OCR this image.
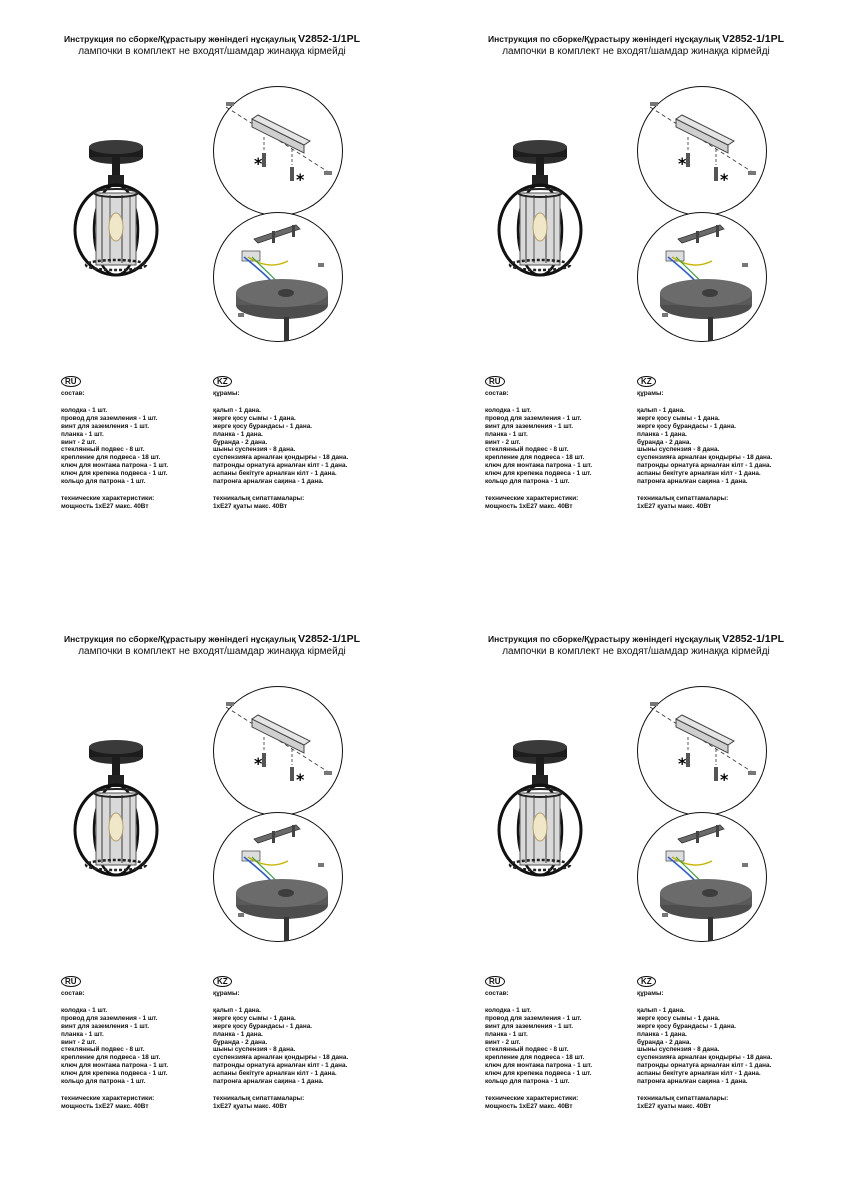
Инструкция по сборке/Құрастыру жөніндегі нұсқаулық V2852-1/1PL
лампочки в комплект не входят/шамдар жинаққа кірмейді
*
*
RU
состав:
колодка - 1 шт.
провод для заземления - 1 шт.
винт для заземления - 1 шт.
планка - 1 шт.
винт - 2 шт.
стеклянный подвес - 8 шт.
крепление для подвеса - 18 шт.
ключ для монтажа патрона - 1 шт.
ключ для крепежа подвеса - 1 шт.
кольцо для патрона - 1 шт.
технические характеристики:
мощность 1хЕ27 макс. 40Вт
KZ
құрамы:
қалып - 1 дана.
жерге қосу сымы - 1 дана.
жерге қосу бұрандасы - 1 дана.
планка - 1 дана.
бұранда - 2 дана.
шыны суспензия - 8 дана.
суспензияға арналған қондырғы - 18 дана.
патронды орнатуға арналған кілт - 1 дана.
аспаны бекітуге арналған кілт - 1 дана.
патронға арналған сақина - 1 дана.
техникалық сипаттамалары:
1хЕ27 қуаты макс. 40Вт
Инструкция по сборке/Құрастыру жөніндегі нұсқаулық V2852-1/1PL
лампочки в комплект не входят/шамдар жинаққа кірмейді
*
*
RU
состав:
колодка - 1 шт.
провод для заземления - 1 шт.
винт для заземления - 1 шт.
планка - 1 шт.
винт - 2 шт.
стеклянный подвес - 8 шт.
крепление для подвеса - 18 шт.
ключ для монтажа патрона - 1 шт.
ключ для крепежа подвеса - 1 шт.
кольцо для патрона - 1 шт.
технические характеристики:
мощность 1хЕ27 макс. 40Вт
KZ
құрамы:
қалып - 1 дана.
жерге қосу сымы - 1 дана.
жерге қосу бұрандасы - 1 дана.
планка - 1 дана.
бұранда - 2 дана.
шыны суспензия - 8 дана.
суспензияға арналған қондырғы - 18 дана.
патронды орнатуға арналған кілт - 1 дана.
аспаны бекітуге арналған кілт - 1 дана.
патронға арналған сақина - 1 дана.
техникалық сипаттамалары:
1хЕ27 қуаты макс. 40Вт
Инструкция по сборке/Құрастыру жөніндегі нұсқаулық V2852-1/1PL
лампочки в комплект не входят/шамдар жинаққа кірмейді
*
*
RU
состав:
колодка - 1 шт.
провод для заземления - 1 шт.
винт для заземления - 1 шт.
планка - 1 шт.
винт - 2 шт.
стеклянный подвес - 8 шт.
крепление для подвеса - 18 шт.
ключ для монтажа патрона - 1 шт.
ключ для крепежа подвеса - 1 шт.
кольцо для патрона - 1 шт.
технические характеристики:
мощность 1хЕ27 макс. 40Вт
KZ
құрамы:
қалып - 1 дана.
жерге қосу сымы - 1 дана.
жерге қосу бұрандасы - 1 дана.
планка - 1 дана.
бұранда - 2 дана.
шыны суспензия - 8 дана.
суспензияға арналған қондырғы - 18 дана.
патронды орнатуға арналған кілт - 1 дана.
аспаны бекітуге арналған кілт - 1 дана.
патронға арналған сақина - 1 дана.
техникалық сипаттамалары:
1хЕ27 қуаты макс. 40Вт
Инструкция по сборке/Құрастыру жөніндегі нұсқаулық V2852-1/1PL
лампочки в комплект не входят/шамдар жинаққа кірмейді
*
*
RU
состав:
колодка - 1 шт.
провод для заземления - 1 шт.
винт для заземления - 1 шт.
планка - 1 шт.
винт - 2 шт.
стеклянный подвес - 8 шт.
крепление для подвеса - 18 шт.
ключ для монтажа патрона - 1 шт.
ключ для крепежа подвеса - 1 шт.
кольцо для патрона - 1 шт.
технические характеристики:
мощность 1хЕ27 макс. 40Вт
KZ
құрамы:
қалып - 1 дана.
жерге қосу сымы - 1 дана.
жерге қосу бұрандасы - 1 дана.
планка - 1 дана.
бұранда - 2 дана.
шыны суспензия - 8 дана.
суспензияға арналған қондырғы - 18 дана.
патронды орнатуға арналған кілт - 1 дана.
аспаны бекітуге арналған кілт - 1 дана.
патронға арналған сақина - 1 дана.
техникалық сипаттамалары:
1хЕ27 қуаты макс. 40Вт
